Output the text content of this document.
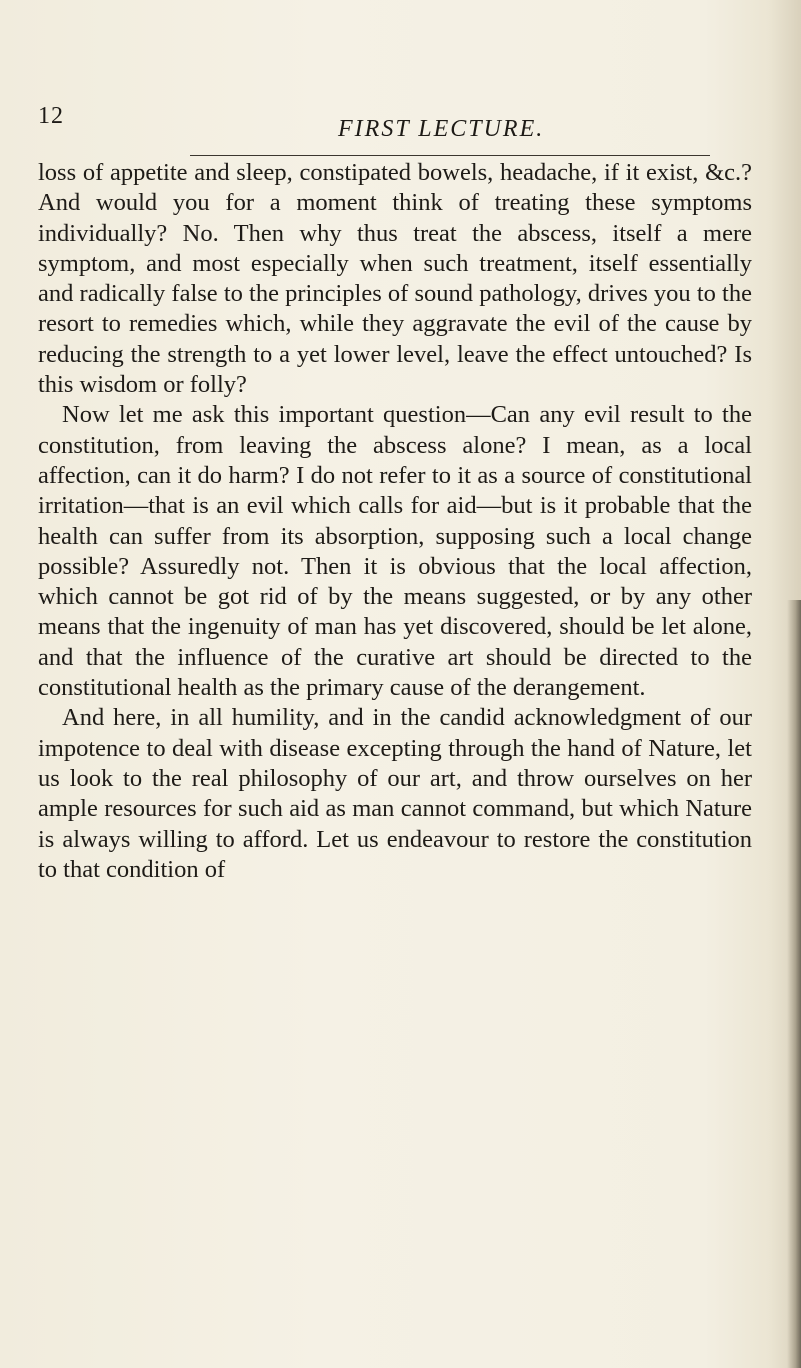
12	FIRST LECTURE.

loss of appetite and sleep, constipated bowels, headache, if it exist, &c.? And would you for a moment think of treating these symptoms individually? No. Then why thus treat the abscess, itself a mere symptom, and most especially when such treatment, itself essentially and radically false to the principles of sound pathology, drives you to the resort to remedies which, while they aggravate the evil of the cause by reducing the strength to a yet lower level, leave the effect untouched? Is this wisdom or folly?

Now let me ask this important question—Can any evil result to the constitution, from leaving the abscess alone? I mean, as a local affection, can it do harm? I do not refer to it as a source of constitutional irritation—that is an evil which calls for aid—but is it probable that the health can suffer from its absorption, supposing such a local change possible? Assuredly not. Then it is obvious that the local affection, which cannot be got rid of by the means suggested, or by any other means that the ingenuity of man has yet discovered, should be let alone, and that the influence of the curative art should be directed to the constitutional health as the primary cause of the derangement.

And here, in all humility, and in the candid acknowledgment of our impotence to deal with disease excepting through the hand of Nature, let us look to the real philosophy of our art, and throw ourselves on her ample resources for such aid as man cannot command, but which Nature is always willing to afford. Let us endeavour to restore the constitution to that condition of
